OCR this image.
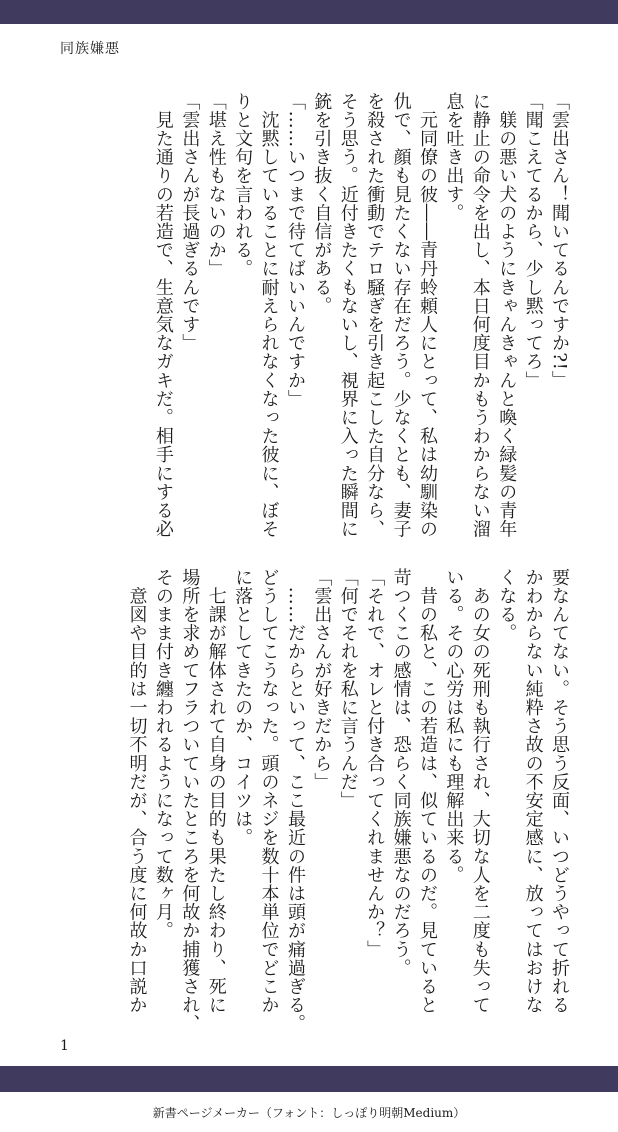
同族嫌悪
「雲出さん！聞いてるんですか?!」
「聞こえてるから、少し黙ってろ」
　躾の悪い犬のようにきゃんきゃんと喚く緑髪の青年
に静止の命令を出し、本日何度目かもうわからない溜
息を吐き出す。
　元同僚の彼――青丹蛉頼人にとって、私は幼馴染の
仇で、顔も見たくない存在だろう。少なくとも、妻子
を殺された衝動でテロ騒ぎを引き起こした自分なら、
そう思う。近付きたくもないし、視界に入った瞬間に
銃を引き抜く自信がある。
「……いつまで待てばいいんですか」
　沈黙していることに耐えられなくなった彼に、ぼそ
りと文句を言われる。
「堪え性もないのか」
「雲出さんが長過ぎるんです」
　見た通りの若造で、生意気なガキだ。相手にする必
要なんてない。そう思う反面、いつどうやって折れる
かわからない純粋さ故の不安定感に、放ってはおけな
くなる。
　あの女の死刑も執行され、大切な人を二度も失って
いる。その心労は私にも理解出来る。
　昔の私と、この若造は、似ているのだ。見ていると
苛つくこの感情は、恐らく同族嫌悪なのだろう。
「それで、オレと付き合ってくれませんか？」
「何でそれを私に言うんだ」
「雲出さんが好きだから」
　……だからといって、ここ最近の件は頭が痛過ぎる。
どうしてこうなった。頭のネジを数十本単位でどこか
に落としてきたのか、コイツは。
　七課が解体されて自身の目的も果たし終わり、死に
場所を求めてフラついていたところを何故か捕獲され、
そのまま付き纏われるようになって数ヶ月。
　意図や目的は一切不明だが、合う度に何故か口説か
1
新書ページメーカー（フォント：しっぽり明朝Medium）
